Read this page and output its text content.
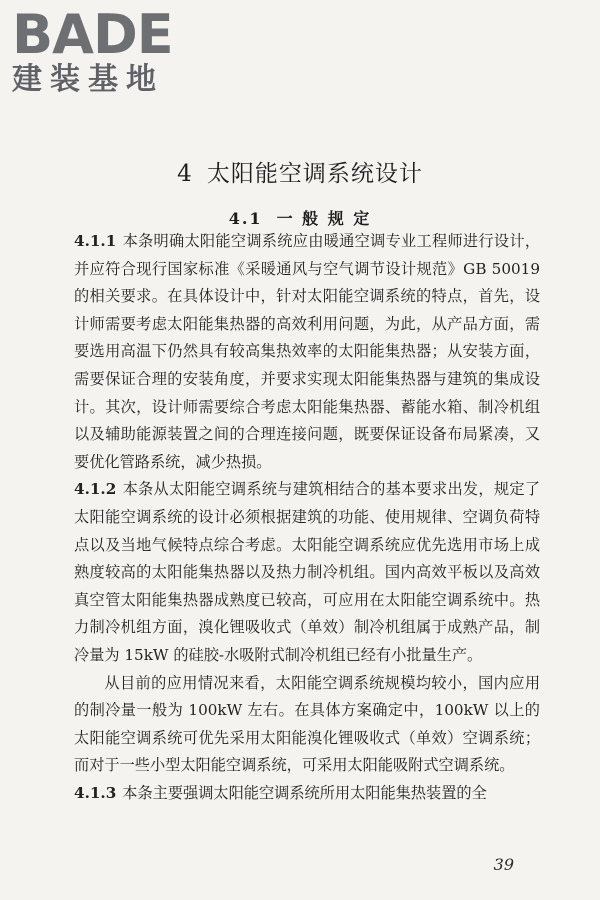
BADE
建装基地
4 太阳能空调系统设计
4.1 一 般 规 定

4.1.1 本条明确太阳能空调系统应由暖通空调专业工程师进行设计，并应符合现行国家标准《采暖通风与空气调节设计规范》GB 50019 的相关要求。在具体设计中，针对太阳能空调系统的特点，首先，设计师需要考虑太阳能集热器的高效利用问题，为此，从产品方面，需要选用高温下仍然具有较高集热效率的太阳能集热器；从安装方面，需要保证合理的安装角度，并要求实现太阳能集热器与建筑的集成设计。其次，设计师需要综合考虑太阳能集热器、蓄能水箱、制冷机组以及辅助能源装置之间的合理连接问题，既要保证设备布局紧凑，又要优化管路系统，减少热损。

4.1.2 本条从太阳能空调系统与建筑相结合的基本要求出发，规定了太阳能空调系统的设计必须根据建筑的功能、使用规律、空调负荷特点以及当地气候特点综合考虑。太阳能空调系统应优先选用市场上成熟度较高的太阳能集热器以及热力制冷机组。国内高效平板以及高效真空管太阳能集热器成熟度已较高，可应用在太阳能空调系统中。热力制冷机组方面，溴化锂吸收式（单效）制冷机组属于成熟产品，制冷量为 15kW 的硅胶-水吸附式制冷机组已经有小批量生产。

从目前的应用情况来看，太阳能空调系统规模均较小，国内应用的制冷量一般为 100kW 左右。在具体方案确定中，100kW 以上的太阳能空调系统可优先采用太阳能溴化锂吸收式（单效）空调系统；而对于一些小型太阳能空调系统，可采用太阳能吸附式空调系统。

4.1.3 本条主要强调太阳能空调系统所用太阳能集热装置的全

39
